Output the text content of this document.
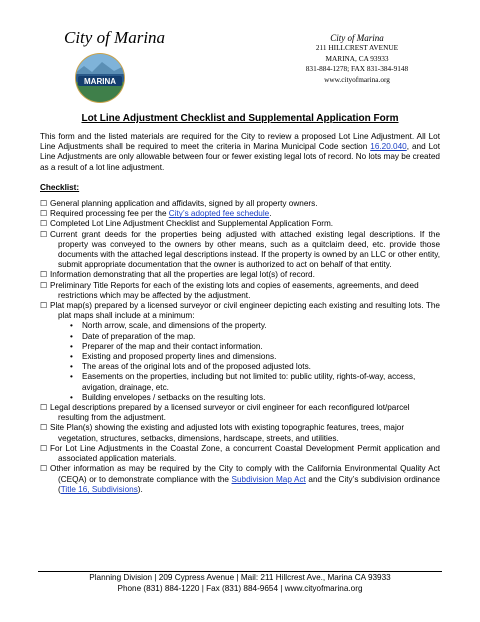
City of Marina
MARINA
City of Marina
211 HILLCREST AVENUE
MARINA, CA 93933
831-884-1278; FAX 831-384-9148
www.cityofmarina.org
Lot Line Adjustment Checklist and Supplemental Application Form

This form and the listed materials are required for the City to review a proposed Lot Line Adjustment. All Lot Line Adjustments shall be required to meet the criteria in Marina Municipal Code section 16.20.040, and Lot Line Adjustments are only allowable between four or fewer existing legal lots of record. No lots may be created as a result of a lot line adjustment.

Checklist:
☐ General planning application and affidavits, signed by all property owners.
☐ Required processing fee per the City’s adopted fee schedule.
☐ Completed Lot Line Adjustment Checklist and Supplemental Application Form.
☐ Current grant deeds for the properties being adjusted with attached existing legal descriptions. If the property was conveyed to the owners by other means, such as a quitclaim deed, etc. provide those documents with the attached legal descriptions instead. If the property is owned by an LLC or other entity, submit appropriate documentation that the owner is authorized to act on behalf of that entity.
☐ Information demonstrating that all the properties are legal lot(s) of record.
☐ Preliminary Title Reports for each of the existing lots and copies of easements, agreements, and deed restrictions which may be affected by the adjustment.
☐ Plat map(s) prepared by a licensed surveyor or civil engineer depicting each existing and resulting lots. The plat maps shall include at a minimum:
• North arrow, scale, and dimensions of the property.
• Date of preparation of the map.
• Preparer of the map and their contact information.
• Existing and proposed property lines and dimensions.
• The areas of the original lots and of the proposed adjusted lots.
• Easements on the properties, including but not limited to: public utility, rights-of-way, access, avigation, drainage, etc.
• Building envelopes / setbacks on the resulting lots.
☐ Legal descriptions prepared by a licensed surveyor or civil engineer for each reconfigured lot/parcel resulting from the adjustment.
☐ Site Plan(s) showing the existing and adjusted lots with existing topographic features, trees, major vegetation, structures, setbacks, dimensions, hardscape, streets, and utilities.
☐ For Lot Line Adjustments in the Coastal Zone, a concurrent Coastal Development Permit application and associated application materials.
☐ Other information as may be required by the City to comply with the California Environmental Quality Act (CEQA) or to demonstrate compliance with the Subdivision Map Act and the City’s subdivision ordinance (Title 16, Subdivisions).
Planning Division | 209 Cypress Avenue | Mail: 211 Hillcrest Ave., Marina CA 93933
Phone (831) 884-1220 | Fax (831) 884-9654 | www.cityofmarina.org
